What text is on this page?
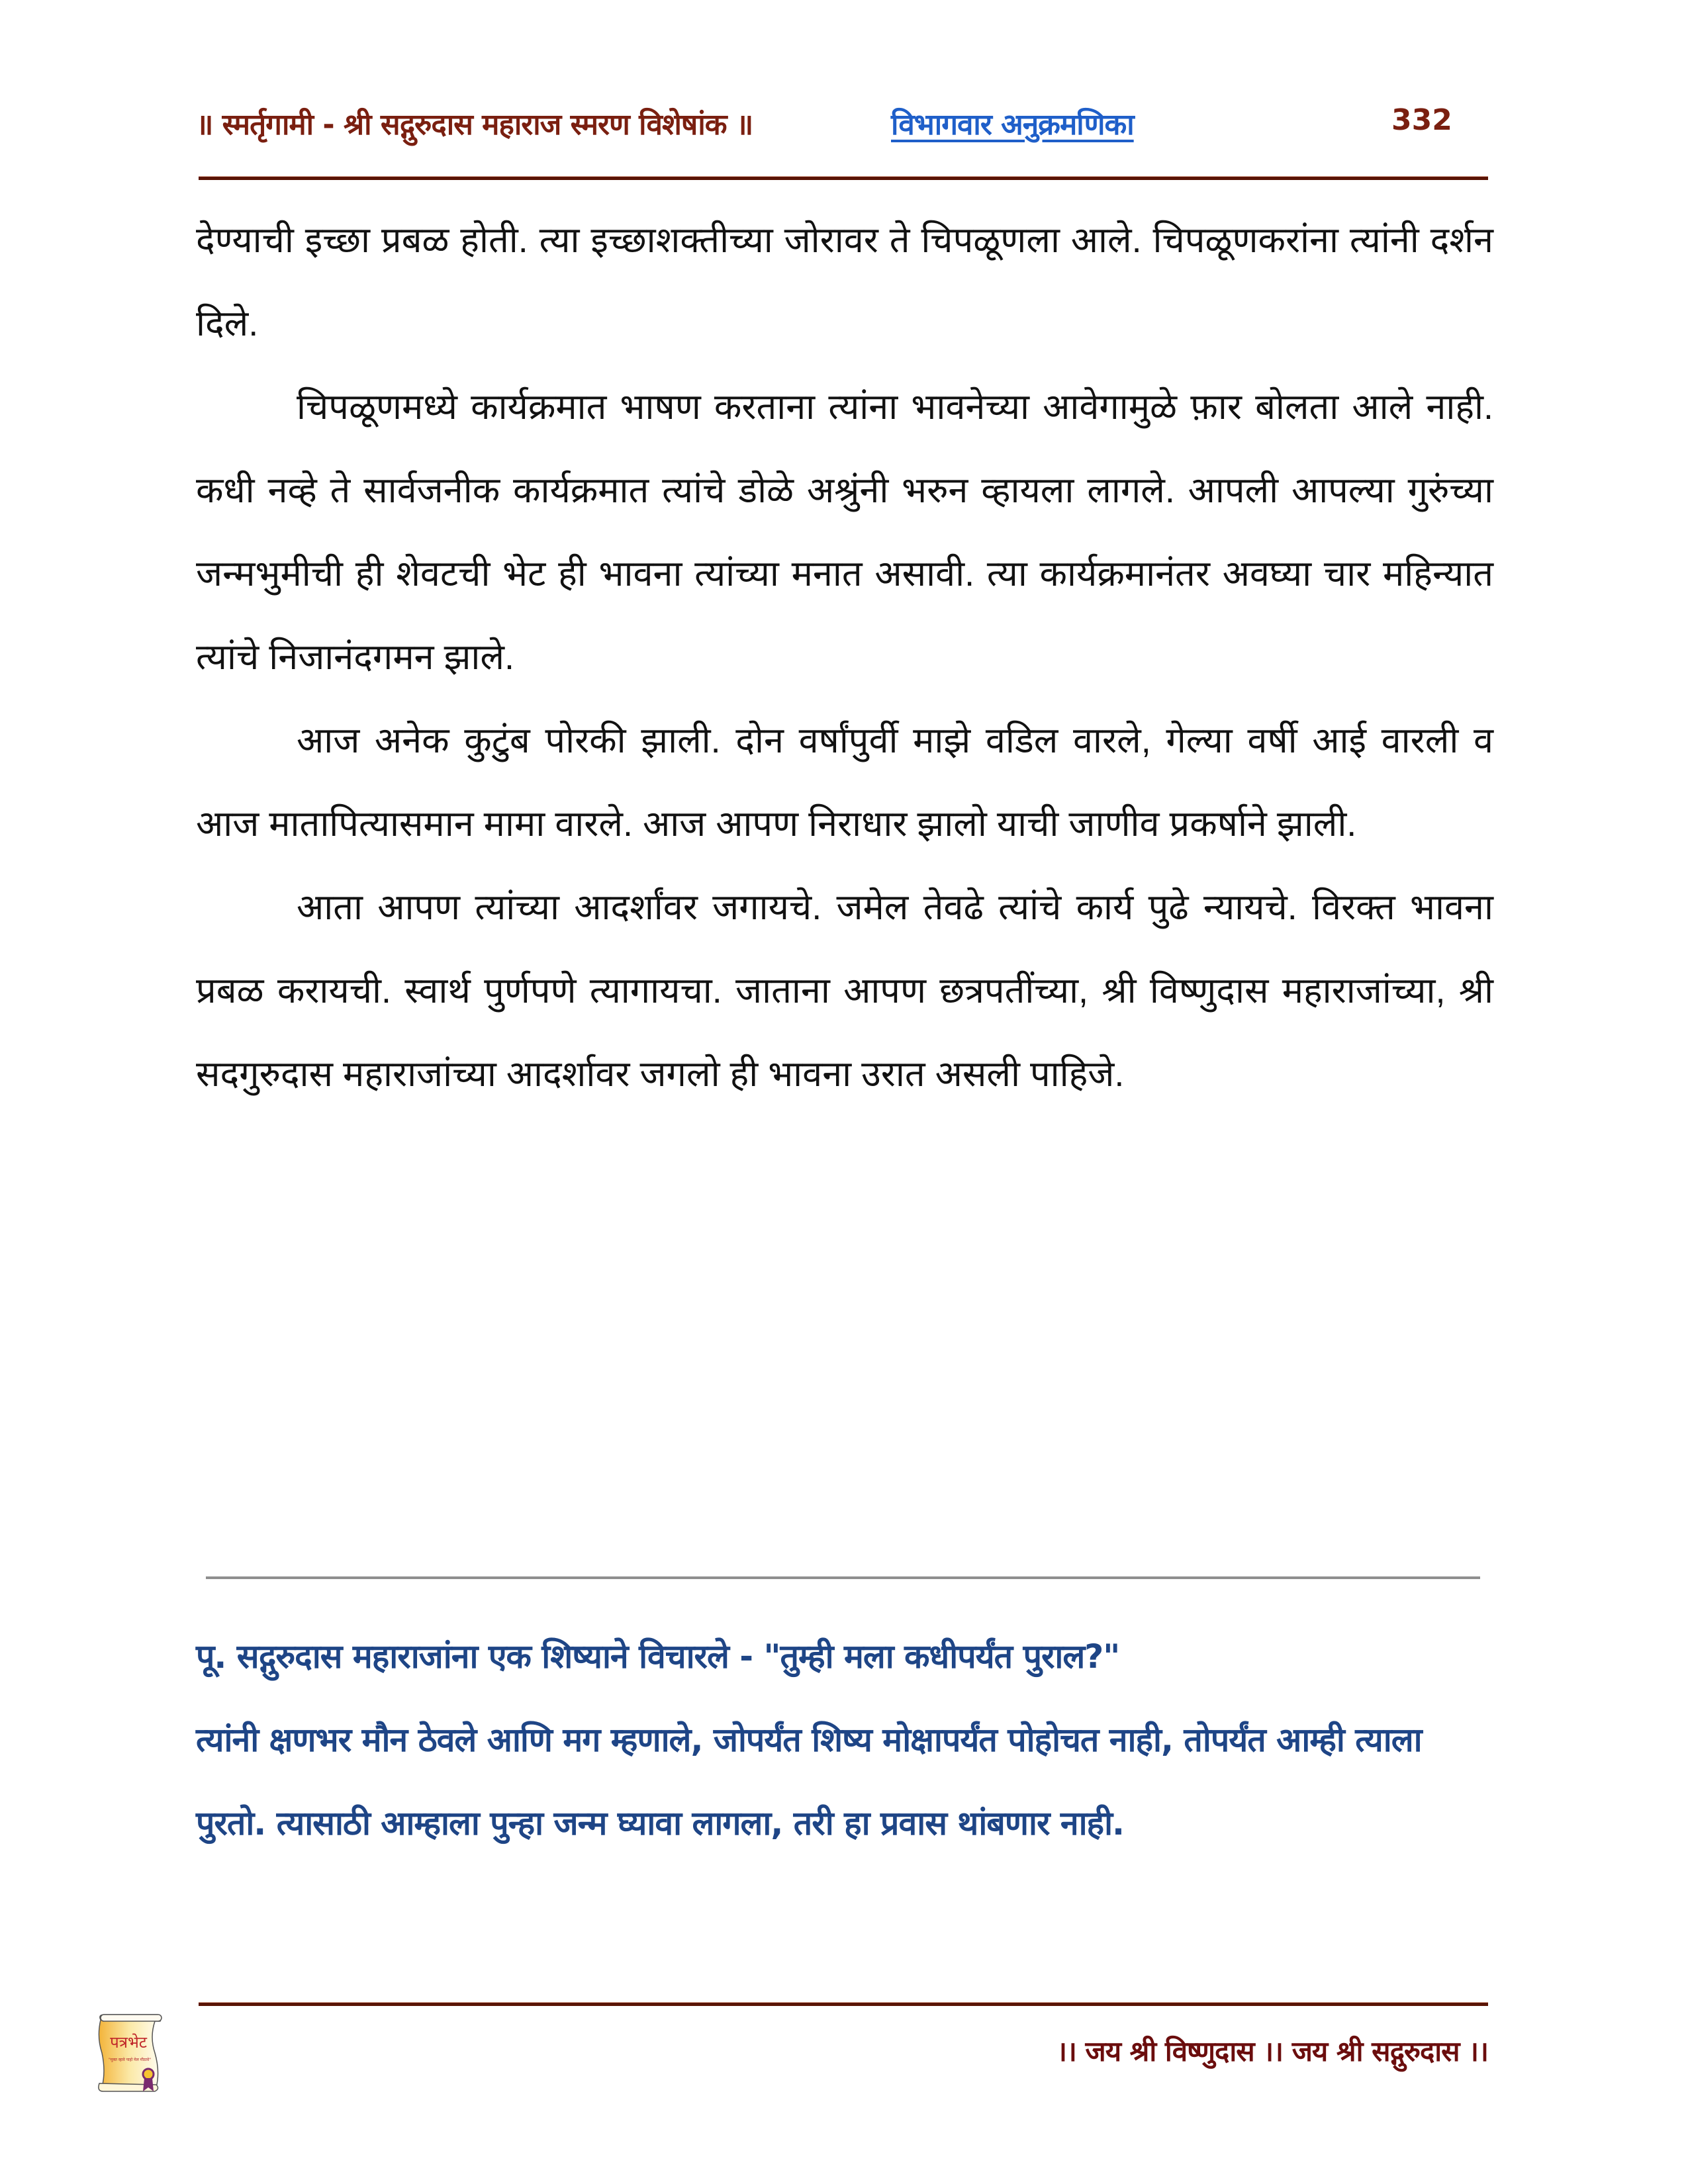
॥ स्मर्तृगामी - श्री सद्गुरुदास महाराज स्मरण विशेषांक ॥	विभागवार अनुक्रमणिका	332

देण्याची इच्छा प्रबळ होती. त्या इच्छाशक्तीच्या जोरावर ते चिपळूणला आले. चिपळूणकरांना त्यांनी दर्शन दिले.

चिपळूणमध्ये कार्यक्रमात भाषण करताना त्यांना भावनेच्या आवेगामुळे फ़ार बोलता आले नाही. कधी नव्हे ते सार्वजनीक कार्यक्रमात त्यांचे डोळे अश्रुंनी भरुन व्हायला लागले. आपली आपल्या गुरुंच्या जन्मभुमीची ही शेवटची भेट ही भावना त्यांच्या मनात असावी. त्या कार्यक्रमानंतर अवघ्या चार महिन्यात त्यांचे निजानंदगमन झाले.

आज अनेक कुटुंब पोरकी झाली. दोन वर्षांपुर्वी माझे वडिल वारले, गेल्या वर्षी आई वारली व आज मातापित्यासमान मामा वारले. आज आपण निराधार झालो याची जाणीव प्रकर्षाने झाली.

आता आपण त्यांच्या आदर्शांवर जगायचे. जमेल तेवढे त्यांचे कार्य पुढे न्यायचे. विरक्त भावना प्रबळ करायची. स्वार्थ पुर्णपणे त्यागायचा. जाताना आपण छत्रपतींच्या, श्री विष्णुदास महाराजांच्या, श्री सदगुरुदास महाराजांच्या आदर्शावर जगलो ही भावना उरात असली पाहिजे.

पू. सद्गुरुदास महाराजांना एक शिष्याने विचारले - "तुम्ही मला कधीपर्यंत पुराल?"

त्यांनी क्षणभर मौन ठेवले आणि मग म्हणाले, जोपर्यंत शिष्य मोक्षापर्यंत पोहोचत नाही, तोपर्यंत आम्ही त्याला पुरतो. त्यासाठी आम्हाला पुन्हा जन्म घ्यावा लागला, तरी हा प्रवास थांबणार नाही.

पत्रभेट
"मुक्त व्हावे पाहो मेल मीठावे"	।। जय श्री विष्णुदास ।। जय श्री सद्गुरुदास ।।
